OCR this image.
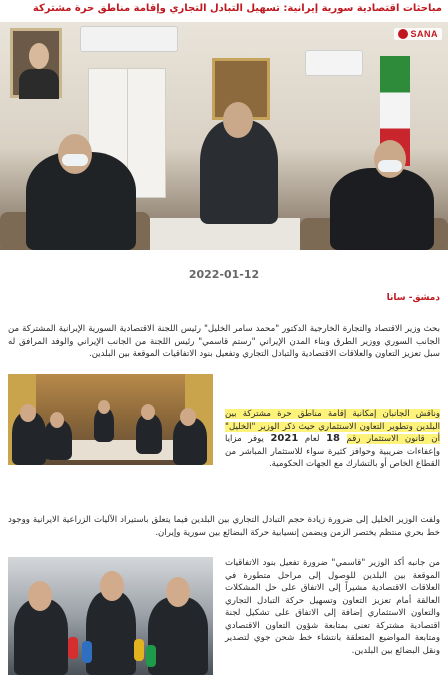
مباحثات اقتصادية سورية إيرانية: تسهيل التبادل التجاري وإقامة مناطق حرة مشتركة
SANA
2022-01-12
دمشق- سانا

بحث وزير الاقتصاد والتجارة الخارجية الدكتور "محمد سامر الخليل" رئيس اللجنة الاقتصادية السورية الإيرانية المشتركة من الجانب السوري ووزير الطرق وبناء المدن الإيراني "رستم قاسمي" رئيس اللجنة من الجانب الإيراني والوفد المرافق له سبل تعزيز التعاون والعلاقات الاقتصادية والتبادل التجاري وتفعيل بنود الاتفاقيات الموقعة بين البلدين.

وناقش الجانبان إمكانية إقامة مناطق حرة مشتركة بين البلدين وتطوير التعاون الاستثماري حيث ذكر الوزير "الخليل" أن قانون الاستثمار رقم 18 لعام 2021 يوفر مزايا وإعفاءات ضريبية وحوافز كثيرة سواء للاستثمار المباشر من القطاع الخاص أو بالتشارك مع الجهات الحكومية.

ولفت الوزير الخليل إلى ضرورة زيادة حجم التبادل التجاري بين البلدين فيما يتعلق باستيراد الآليات الزراعية الايرانية ووجود خط بحري منتظم يختصر الزمن ويضمن إنسيابية حركة البضائع بين سورية وإيران.

من جانبه أكد الوزير "قاسمي" ضرورة تفعيل بنود الاتفاقيات الموقعة بين البلدين للوصول إلى مراحل متطورة في العلاقات الاقتصادية مشيراً إلى الاتفاق على حل المشكلات العالقة أمام تعزيز التعاون وتسهيل حركة التبادل التجاري والتعاون الاستثماري إضافة إلى الاتفاق على تشكيل لجنة اقتصادية مشتركة تعنى بمتابعة شؤون التعاون الاقتصادي ومتابعة المواضيع المتعلقة بانتشاء خط شحن جوي لتصدير ونقل البضائع بين البلدين.
